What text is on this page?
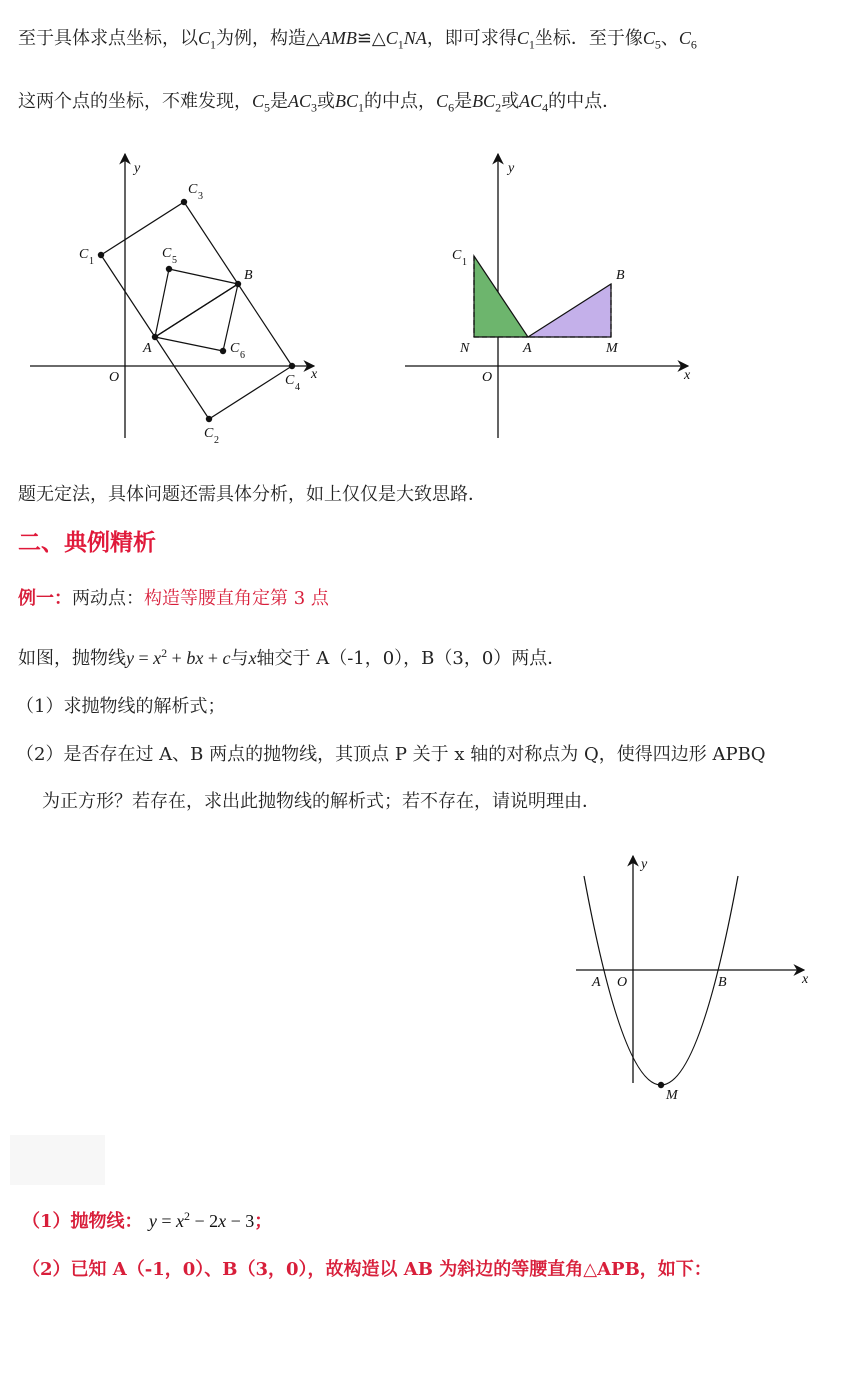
至于具体求点坐标，以$C_1$为例，构造$\triangle AMB≌\triangle C_1NA$，即可求得$C_1$坐标．至于像$C_5$、$C_6$
这两个点的坐标，不难发现，$C_5$是$AC_3$或$BC_1$的中点，$C_6$是$BC_2$或$AC_4$的中点．
y
x
O
A
B
C 1
C 2
C 3
C 4
C 5
C 6
y
x
O
C 1
N	A
B
M
y
x
A O	B
M
题无定法，具体问题还需具体分析，如上仅仅是大致思路．
二、典例精析
例一：两动点：构造等腰直角定第 3 点
如图，抛物线$y = x^2$ + bx + c与x轴交于 A（-1，0），B（3，0）两点．
（1）求抛物线的解析式；
（2）是否存在过 A、B 两点的抛物线，其顶点 P 关于 x 轴的对称点为 Q，使得四边形 APBQ
为正方形？若存在，求出此抛物线的解析式；若不存在，请说明理由．
（1）抛物线： $y = x^2 - 2x - 3$；
（2）已知 A（-1，0）、B（3，0），故构造以 AB 为斜边的等腰直角△APB，如下：
